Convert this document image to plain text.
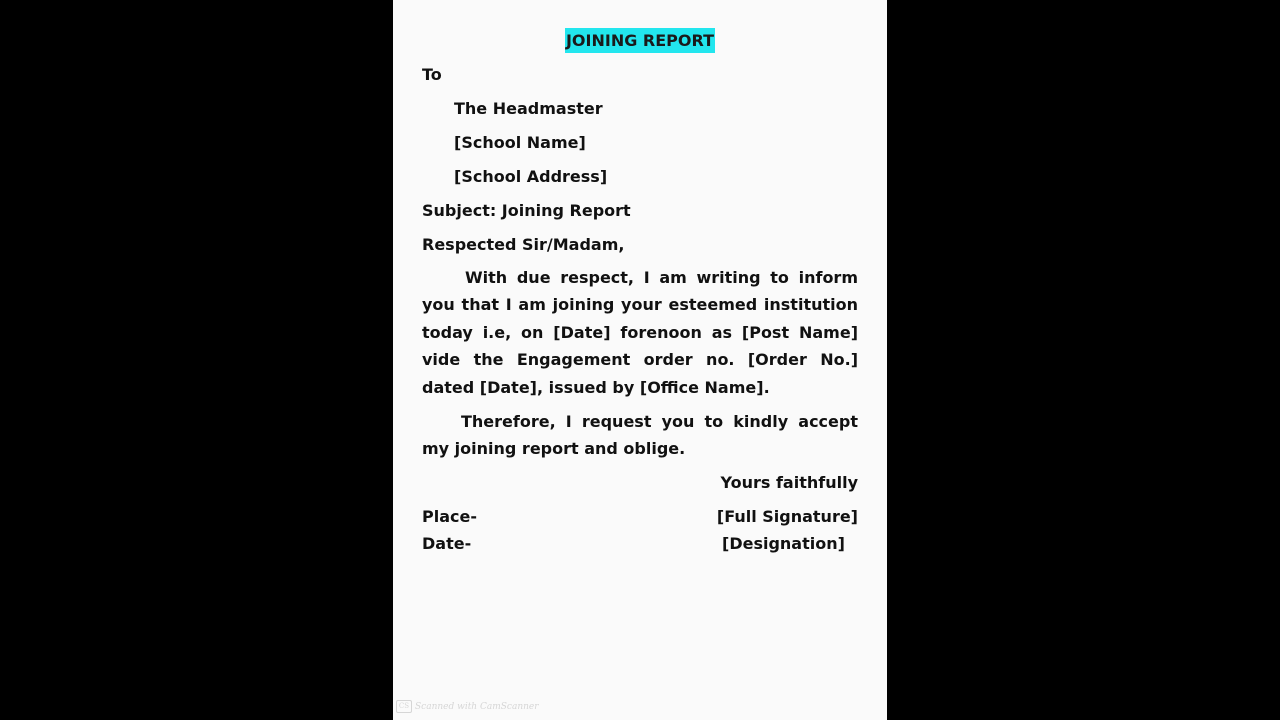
JOINING REPORT
To
The Headmaster
[School Name]
[School Address]
Subject: Joining Report
Respected Sir/Madam,
With due respect, I am writing to inform you that I am joining your esteemed institution today i.e, on [Date] forenoon as [Post Name] vide the Engagement order no. [Order No.] dated [Date], issued by [Office Name].
Therefore, I request you to kindly accept my joining report and oblige.
Yours faithfully
Place-	[Full Signature]
Date-	[Designation]
CS Scanned with CamScanner
